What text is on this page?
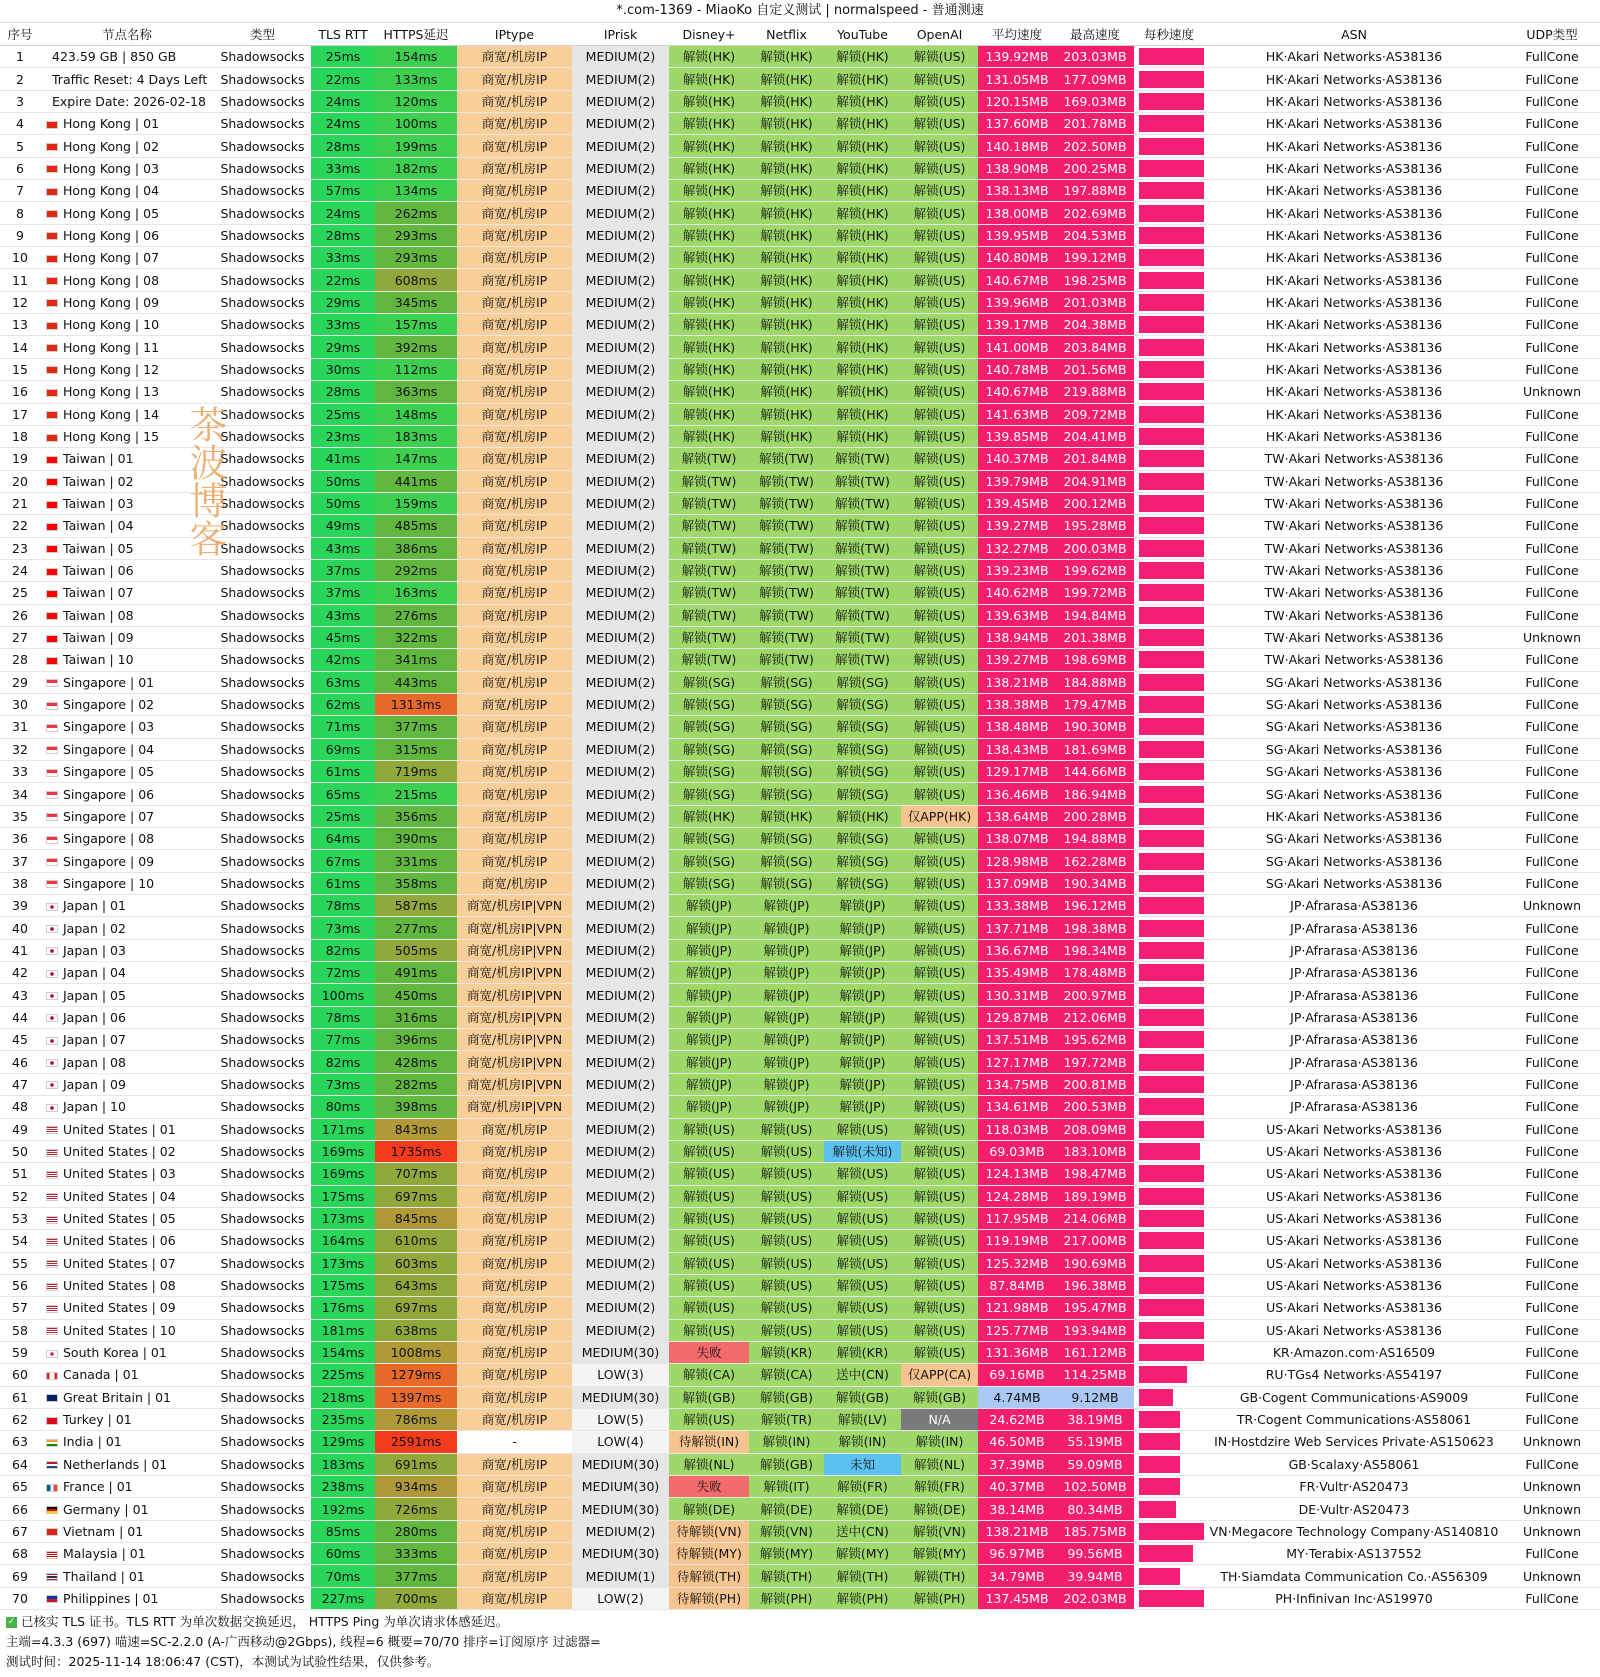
*.com-1369 - MiaoKo 自定义测试 | normalspeed - 普通测速
茶波博客
序号	节点名称	类型	TLS RTT	HTTPS延迟	IPtype	IPrisk	Disney+	Netflix	YouTube	OpenAI	平均速度	最高速度	每秒速度	ASN	UDP类型
1	423.59 GB | 850 GB	Shadowsocks	25ms	154ms	商宽/机房IP	MEDIUM(2)	解锁(HK)	解锁(HK)	解锁(HK)	解锁(US)	139.92MB	203.03MB		HK·Akari Networks·AS38136	FullCone
2	Traffic Reset: 4 Days Left	Shadowsocks	22ms	133ms	商宽/机房IP	MEDIUM(2)	解锁(HK)	解锁(HK)	解锁(HK)	解锁(US)	131.05MB	177.09MB		HK·Akari Networks·AS38136	FullCone
3	Expire Date: 2026-02-18	Shadowsocks	24ms	120ms	商宽/机房IP	MEDIUM(2)	解锁(HK)	解锁(HK)	解锁(HK)	解锁(US)	120.15MB	169.03MB		HK·Akari Networks·AS38136	FullCone
4	Hong Kong | 01	Shadowsocks	24ms	100ms	商宽/机房IP	MEDIUM(2)	解锁(HK)	解锁(HK)	解锁(HK)	解锁(US)	137.60MB	201.78MB		HK·Akari Networks·AS38136	FullCone
5	Hong Kong | 02	Shadowsocks	28ms	199ms	商宽/机房IP	MEDIUM(2)	解锁(HK)	解锁(HK)	解锁(HK)	解锁(US)	140.18MB	202.50MB		HK·Akari Networks·AS38136	FullCone
6	Hong Kong | 03	Shadowsocks	33ms	182ms	商宽/机房IP	MEDIUM(2)	解锁(HK)	解锁(HK)	解锁(HK)	解锁(US)	138.90MB	200.25MB		HK·Akari Networks·AS38136	FullCone
7	Hong Kong | 04	Shadowsocks	57ms	134ms	商宽/机房IP	MEDIUM(2)	解锁(HK)	解锁(HK)	解锁(HK)	解锁(US)	138.13MB	197.88MB		HK·Akari Networks·AS38136	FullCone
8	Hong Kong | 05	Shadowsocks	24ms	262ms	商宽/机房IP	MEDIUM(2)	解锁(HK)	解锁(HK)	解锁(HK)	解锁(US)	138.00MB	202.69MB		HK·Akari Networks·AS38136	FullCone
9	Hong Kong | 06	Shadowsocks	28ms	293ms	商宽/机房IP	MEDIUM(2)	解锁(HK)	解锁(HK)	解锁(HK)	解锁(US)	139.95MB	204.53MB		HK·Akari Networks·AS38136	FullCone
10	Hong Kong | 07	Shadowsocks	33ms	293ms	商宽/机房IP	MEDIUM(2)	解锁(HK)	解锁(HK)	解锁(HK)	解锁(US)	140.80MB	199.12MB		HK·Akari Networks·AS38136	FullCone
11	Hong Kong | 08	Shadowsocks	22ms	608ms	商宽/机房IP	MEDIUM(2)	解锁(HK)	解锁(HK)	解锁(HK)	解锁(US)	140.67MB	198.25MB		HK·Akari Networks·AS38136	FullCone
12	Hong Kong | 09	Shadowsocks	29ms	345ms	商宽/机房IP	MEDIUM(2)	解锁(HK)	解锁(HK)	解锁(HK)	解锁(US)	139.96MB	201.03MB		HK·Akari Networks·AS38136	FullCone
13	Hong Kong | 10	Shadowsocks	33ms	157ms	商宽/机房IP	MEDIUM(2)	解锁(HK)	解锁(HK)	解锁(HK)	解锁(US)	139.17MB	204.38MB		HK·Akari Networks·AS38136	FullCone
14	Hong Kong | 11	Shadowsocks	29ms	392ms	商宽/机房IP	MEDIUM(2)	解锁(HK)	解锁(HK)	解锁(HK)	解锁(US)	141.00MB	203.84MB		HK·Akari Networks·AS38136	FullCone
15	Hong Kong | 12	Shadowsocks	30ms	112ms	商宽/机房IP	MEDIUM(2)	解锁(HK)	解锁(HK)	解锁(HK)	解锁(US)	140.78MB	201.56MB		HK·Akari Networks·AS38136	FullCone
16	Hong Kong | 13	Shadowsocks	28ms	363ms	商宽/机房IP	MEDIUM(2)	解锁(HK)	解锁(HK)	解锁(HK)	解锁(US)	140.67MB	219.88MB		HK·Akari Networks·AS38136	Unknown
17	Hong Kong | 14	Shadowsocks	25ms	148ms	商宽/机房IP	MEDIUM(2)	解锁(HK)	解锁(HK)	解锁(HK)	解锁(US)	141.63MB	209.72MB		HK·Akari Networks·AS38136	FullCone
18	Hong Kong | 15	Shadowsocks	23ms	183ms	商宽/机房IP	MEDIUM(2)	解锁(HK)	解锁(HK)	解锁(HK)	解锁(US)	139.85MB	204.41MB		HK·Akari Networks·AS38136	FullCone
19	Taiwan | 01	Shadowsocks	41ms	147ms	商宽/机房IP	MEDIUM(2)	解锁(TW)	解锁(TW)	解锁(TW)	解锁(US)	140.37MB	201.84MB		TW·Akari Networks·AS38136	FullCone
20	Taiwan | 02	Shadowsocks	50ms	441ms	商宽/机房IP	MEDIUM(2)	解锁(TW)	解锁(TW)	解锁(TW)	解锁(US)	139.79MB	204.91MB		TW·Akari Networks·AS38136	FullCone
21	Taiwan | 03	Shadowsocks	50ms	159ms	商宽/机房IP	MEDIUM(2)	解锁(TW)	解锁(TW)	解锁(TW)	解锁(US)	139.45MB	200.12MB		TW·Akari Networks·AS38136	FullCone
22	Taiwan | 04	Shadowsocks	49ms	485ms	商宽/机房IP	MEDIUM(2)	解锁(TW)	解锁(TW)	解锁(TW)	解锁(US)	139.27MB	195.28MB		TW·Akari Networks·AS38136	FullCone
23	Taiwan | 05	Shadowsocks	43ms	386ms	商宽/机房IP	MEDIUM(2)	解锁(TW)	解锁(TW)	解锁(TW)	解锁(US)	132.27MB	200.03MB		TW·Akari Networks·AS38136	FullCone
24	Taiwan | 06	Shadowsocks	37ms	292ms	商宽/机房IP	MEDIUM(2)	解锁(TW)	解锁(TW)	解锁(TW)	解锁(US)	139.23MB	199.62MB		TW·Akari Networks·AS38136	FullCone
25	Taiwan | 07	Shadowsocks	37ms	163ms	商宽/机房IP	MEDIUM(2)	解锁(TW)	解锁(TW)	解锁(TW)	解锁(US)	140.62MB	199.72MB		TW·Akari Networks·AS38136	FullCone
26	Taiwan | 08	Shadowsocks	43ms	276ms	商宽/机房IP	MEDIUM(2)	解锁(TW)	解锁(TW)	解锁(TW)	解锁(US)	139.63MB	194.84MB		TW·Akari Networks·AS38136	FullCone
27	Taiwan | 09	Shadowsocks	45ms	322ms	商宽/机房IP	MEDIUM(2)	解锁(TW)	解锁(TW)	解锁(TW)	解锁(US)	138.94MB	201.38MB		TW·Akari Networks·AS38136	Unknown
28	Taiwan | 10	Shadowsocks	42ms	341ms	商宽/机房IP	MEDIUM(2)	解锁(TW)	解锁(TW)	解锁(TW)	解锁(US)	139.27MB	198.69MB		TW·Akari Networks·AS38136	FullCone
29	Singapore | 01	Shadowsocks	63ms	443ms	商宽/机房IP	MEDIUM(2)	解锁(SG)	解锁(SG)	解锁(SG)	解锁(US)	138.21MB	184.88MB		SG·Akari Networks·AS38136	FullCone
30	Singapore | 02	Shadowsocks	62ms	1313ms	商宽/机房IP	MEDIUM(2)	解锁(SG)	解锁(SG)	解锁(SG)	解锁(US)	138.38MB	179.47MB		SG·Akari Networks·AS38136	FullCone
31	Singapore | 03	Shadowsocks	71ms	377ms	商宽/机房IP	MEDIUM(2)	解锁(SG)	解锁(SG)	解锁(SG)	解锁(US)	138.48MB	190.30MB		SG·Akari Networks·AS38136	FullCone
32	Singapore | 04	Shadowsocks	69ms	315ms	商宽/机房IP	MEDIUM(2)	解锁(SG)	解锁(SG)	解锁(SG)	解锁(US)	138.43MB	181.69MB		SG·Akari Networks·AS38136	FullCone
33	Singapore | 05	Shadowsocks	61ms	719ms	商宽/机房IP	MEDIUM(2)	解锁(SG)	解锁(SG)	解锁(SG)	解锁(US)	129.17MB	144.66MB		SG·Akari Networks·AS38136	FullCone
34	Singapore | 06	Shadowsocks	65ms	215ms	商宽/机房IP	MEDIUM(2)	解锁(SG)	解锁(SG)	解锁(SG)	解锁(US)	136.46MB	186.94MB		SG·Akari Networks·AS38136	FullCone
35	Singapore | 07	Shadowsocks	25ms	356ms	商宽/机房IP	MEDIUM(2)	解锁(HK)	解锁(HK)	解锁(HK)	仅APP(HK)	138.64MB	200.28MB		HK·Akari Networks·AS38136	FullCone
36	Singapore | 08	Shadowsocks	64ms	390ms	商宽/机房IP	MEDIUM(2)	解锁(SG)	解锁(SG)	解锁(SG)	解锁(US)	138.07MB	194.88MB		SG·Akari Networks·AS38136	FullCone
37	Singapore | 09	Shadowsocks	67ms	331ms	商宽/机房IP	MEDIUM(2)	解锁(SG)	解锁(SG)	解锁(SG)	解锁(US)	128.98MB	162.28MB		SG·Akari Networks·AS38136	FullCone
38	Singapore | 10	Shadowsocks	61ms	358ms	商宽/机房IP	MEDIUM(2)	解锁(SG)	解锁(SG)	解锁(SG)	解锁(US)	137.09MB	190.34MB		SG·Akari Networks·AS38136	FullCone
39	Japan | 01	Shadowsocks	78ms	587ms	商宽/机房IP|VPN	MEDIUM(2)	解锁(JP)	解锁(JP)	解锁(JP)	解锁(US)	133.38MB	196.12MB		JP·Afrarasa·AS38136	Unknown
40	Japan | 02	Shadowsocks	73ms	277ms	商宽/机房IP|VPN	MEDIUM(2)	解锁(JP)	解锁(JP)	解锁(JP)	解锁(US)	137.71MB	198.38MB		JP·Afrarasa·AS38136	FullCone
41	Japan | 03	Shadowsocks	82ms	505ms	商宽/机房IP|VPN	MEDIUM(2)	解锁(JP)	解锁(JP)	解锁(JP)	解锁(US)	136.67MB	198.34MB		JP·Afrarasa·AS38136	FullCone
42	Japan | 04	Shadowsocks	72ms	491ms	商宽/机房IP|VPN	MEDIUM(2)	解锁(JP)	解锁(JP)	解锁(JP)	解锁(US)	135.49MB	178.48MB		JP·Afrarasa·AS38136	FullCone
43	Japan | 05	Shadowsocks	100ms	450ms	商宽/机房IP|VPN	MEDIUM(2)	解锁(JP)	解锁(JP)	解锁(JP)	解锁(US)	130.31MB	200.97MB		JP·Afrarasa·AS38136	FullCone
44	Japan | 06	Shadowsocks	78ms	316ms	商宽/机房IP|VPN	MEDIUM(2)	解锁(JP)	解锁(JP)	解锁(JP)	解锁(US)	129.87MB	212.06MB		JP·Afrarasa·AS38136	FullCone
45	Japan | 07	Shadowsocks	77ms	396ms	商宽/机房IP|VPN	MEDIUM(2)	解锁(JP)	解锁(JP)	解锁(JP)	解锁(US)	137.51MB	195.62MB		JP·Afrarasa·AS38136	FullCone
46	Japan | 08	Shadowsocks	82ms	428ms	商宽/机房IP|VPN	MEDIUM(2)	解锁(JP)	解锁(JP)	解锁(JP)	解锁(US)	127.17MB	197.72MB		JP·Afrarasa·AS38136	FullCone
47	Japan | 09	Shadowsocks	73ms	282ms	商宽/机房IP|VPN	MEDIUM(2)	解锁(JP)	解锁(JP)	解锁(JP)	解锁(US)	134.75MB	200.81MB		JP·Afrarasa·AS38136	FullCone
48	Japan | 10	Shadowsocks	80ms	398ms	商宽/机房IP|VPN	MEDIUM(2)	解锁(JP)	解锁(JP)	解锁(JP)	解锁(US)	134.61MB	200.53MB		JP·Afrarasa·AS38136	FullCone
49	United States | 01	Shadowsocks	171ms	843ms	商宽/机房IP	MEDIUM(2)	解锁(US)	解锁(US)	解锁(US)	解锁(US)	118.03MB	208.09MB		US·Akari Networks·AS38136	FullCone
50	United States | 02	Shadowsocks	169ms	1735ms	商宽/机房IP	MEDIUM(2)	解锁(US)	解锁(US)	解锁(未知)	解锁(US)	69.03MB	183.10MB		US·Akari Networks·AS38136	FullCone
51	United States | 03	Shadowsocks	169ms	707ms	商宽/机房IP	MEDIUM(2)	解锁(US)	解锁(US)	解锁(US)	解锁(US)	124.13MB	198.47MB		US·Akari Networks·AS38136	FullCone
52	United States | 04	Shadowsocks	175ms	697ms	商宽/机房IP	MEDIUM(2)	解锁(US)	解锁(US)	解锁(US)	解锁(US)	124.28MB	189.19MB		US·Akari Networks·AS38136	FullCone
53	United States | 05	Shadowsocks	173ms	845ms	商宽/机房IP	MEDIUM(2)	解锁(US)	解锁(US)	解锁(US)	解锁(US)	117.95MB	214.06MB		US·Akari Networks·AS38136	FullCone
54	United States | 06	Shadowsocks	164ms	610ms	商宽/机房IP	MEDIUM(2)	解锁(US)	解锁(US)	解锁(US)	解锁(US)	119.19MB	217.00MB		US·Akari Networks·AS38136	FullCone
55	United States | 07	Shadowsocks	173ms	603ms	商宽/机房IP	MEDIUM(2)	解锁(US)	解锁(US)	解锁(US)	解锁(US)	125.32MB	190.69MB		US·Akari Networks·AS38136	FullCone
56	United States | 08	Shadowsocks	175ms	643ms	商宽/机房IP	MEDIUM(2)	解锁(US)	解锁(US)	解锁(US)	解锁(US)	87.84MB	196.38MB		US·Akari Networks·AS38136	FullCone
57	United States | 09	Shadowsocks	176ms	697ms	商宽/机房IP	MEDIUM(2)	解锁(US)	解锁(US)	解锁(US)	解锁(US)	121.98MB	195.47MB		US·Akari Networks·AS38136	FullCone
58	United States | 10	Shadowsocks	181ms	638ms	商宽/机房IP	MEDIUM(2)	解锁(US)	解锁(US)	解锁(US)	解锁(US)	125.77MB	193.94MB		US·Akari Networks·AS38136	FullCone
59	South Korea | 01	Shadowsocks	154ms	1008ms	商宽/机房IP	MEDIUM(30)	失败	解锁(KR)	解锁(KR)	解锁(US)	131.36MB	161.12MB		KR·Amazon.com·AS16509	FullCone
60	Canada | 01	Shadowsocks	225ms	1279ms	商宽/机房IP	LOW(3)	解锁(CA)	解锁(CA)	送中(CN)	仅APP(CA)	69.16MB	114.25MB		RU·TGs4 Networks·AS54197	FullCone
61	Great Britain | 01	Shadowsocks	218ms	1397ms	商宽/机房IP	MEDIUM(30)	解锁(GB)	解锁(GB)	解锁(GB)	解锁(GB)	4.74MB	9.12MB		GB·Cogent Communications·AS9009	FullCone
62	Turkey | 01	Shadowsocks	235ms	786ms	商宽/机房IP	LOW(5)	解锁(US)	解锁(TR)	解锁(LV)	N/A	24.62MB	38.19MB		TR·Cogent Communications·AS58061	FullCone
63	India | 01	Shadowsocks	129ms	2591ms	-	LOW(4)	待解锁(IN)	解锁(IN)	解锁(IN)	解锁(IN)	46.50MB	55.19MB		IN·Hostdzire Web Services Private·AS150623	Unknown
64	Netherlands | 01	Shadowsocks	183ms	691ms	商宽/机房IP	MEDIUM(30)	解锁(NL)	解锁(GB)	未知	解锁(NL)	37.39MB	59.09MB		GB·Scalaxy·AS58061	FullCone
65	France | 01	Shadowsocks	238ms	934ms	商宽/机房IP	MEDIUM(30)	失败	解锁(IT)	解锁(FR)	解锁(FR)	40.37MB	102.50MB		FR·Vultr·AS20473	Unknown
66	Germany | 01	Shadowsocks	192ms	726ms	商宽/机房IP	MEDIUM(30)	解锁(DE)	解锁(DE)	解锁(DE)	解锁(DE)	38.14MB	80.34MB		DE·Vultr·AS20473	Unknown
67	Vietnam | 01	Shadowsocks	85ms	280ms	商宽/机房IP	MEDIUM(2)	待解锁(VN)	解锁(VN)	送中(CN)	解锁(VN)	138.21MB	185.75MB		VN·Megacore Technology Company·AS140810	Unknown
68	Malaysia | 01	Shadowsocks	60ms	333ms	商宽/机房IP	MEDIUM(30)	待解锁(MY)	解锁(MY)	解锁(MY)	解锁(MY)	96.97MB	99.56MB		MY·Terabix·AS137552	FullCone
69	Thailand | 01	Shadowsocks	70ms	377ms	商宽/机房IP	MEDIUM(1)	待解锁(TH)	解锁(TH)	解锁(TH)	解锁(TH)	34.79MB	39.94MB		TH·Siamdata Communication Co.·AS56309	Unknown
70	Philippines | 01	Shadowsocks	227ms	700ms	商宽/机房IP	LOW(2)	待解锁(PH)	解锁(PH)	解锁(PH)	解锁(PH)	137.45MB	202.03MB		PH·Infinivan Inc·AS19970	FullCone
✓ 已核实 TLS 证书。TLS RTT 为单次数据交换延迟， HTTPS Ping 为单次请求体感延迟。
主端=4.3.3 (697) 喵速=SC-2.2.0 (A-广西移动@2Gbps), 线程=6 概要=70/70 排序=订阅原序 过滤器=
测试时间：2025-11-14 18:06:47 (CST)，本测试为试验性结果，仅供参考。
